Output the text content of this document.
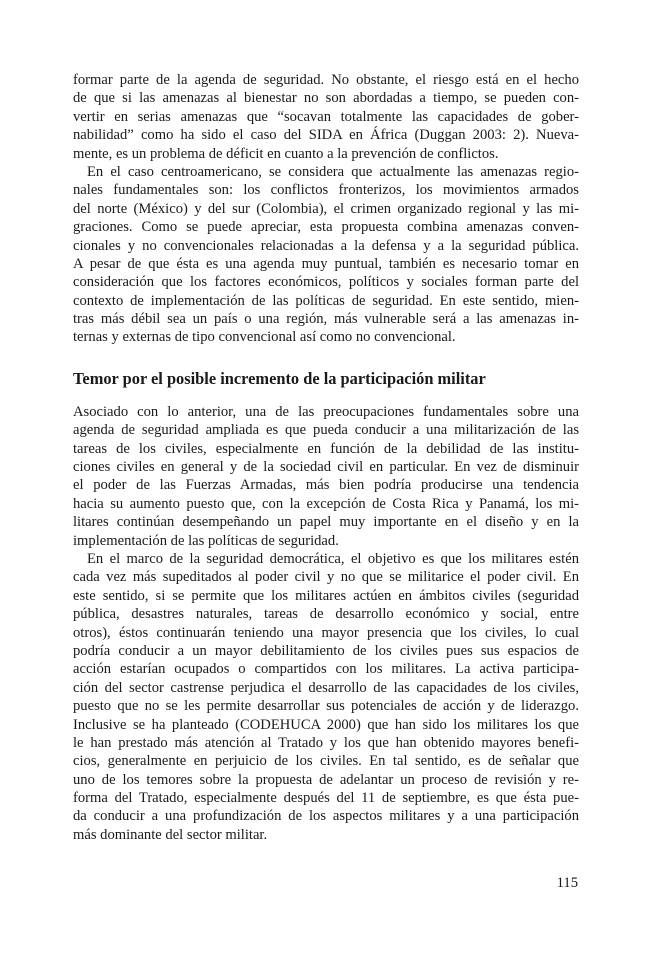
formar parte de la agenda de seguridad. No obstante, el riesgo está en el hecho
de que si las amenazas al bienestar no son abordadas a tiempo, se pueden con-
vertir en serias amenazas que “socavan totalmente las capacidades de gober-
nabilidad” como ha sido el caso del SIDA en África (Duggan 2003: 2). Nueva-
mente, es un problema de déficit en cuanto a la prevención de conflictos.
En el caso centroamericano, se considera que actualmente las amenazas regio-
nales fundamentales son: los conflictos fronterizos, los movimientos armados
del norte (México) y del sur (Colombia), el crimen organizado regional y las mi-
graciones. Como se puede apreciar, esta propuesta combina amenazas conven-
cionales y no convencionales relacionadas a la defensa y a la seguridad pública.
A pesar de que ésta es una agenda muy puntual, también es necesario tomar en
consideración que los factores económicos, políticos y sociales forman parte del
contexto de implementación de las políticas de seguridad. En este sentido, mien-
tras más débil sea un país o una región, más vulnerable será a las amenazas in-
ternas y externas de tipo convencional así como no convencional.
Temor por el posible incremento de la participación militar
Asociado con lo anterior, una de las preocupaciones fundamentales sobre una
agenda de seguridad ampliada es que pueda conducir a una militarización de las
tareas de los civiles, especialmente en función de la debilidad de las institu-
ciones civiles en general y de la sociedad civil en particular. En vez de disminuir
el poder de las Fuerzas Armadas, más bien podría producirse una tendencia
hacia su aumento puesto que, con la excepción de Costa Rica y Panamá, los mi-
litares continúan desempeñando un papel muy importante en el diseño y en la
implementación de las políticas de seguridad.
En el marco de la seguridad democrática, el objetivo es que los militares estén
cada vez más supeditados al poder civil y no que se militarice el poder civil. En
este sentido, si se permite que los militares actúen en ámbitos civiles (seguridad
pública, desastres naturales, tareas de desarrollo económico y social, entre
otros), éstos continuarán teniendo una mayor presencia que los civiles, lo cual
podría conducir a un mayor debilitamiento de los civiles pues sus espacios de
acción estarían ocupados o compartidos con los militares. La activa participa-
ción del sector castrense perjudica el desarrollo de las capacidades de los civiles,
puesto que no se les permite desarrollar sus potenciales de acción y de liderazgo.
Inclusive se ha planteado (CODEHUCA 2000) que han sido los militares los que
le han prestado más atención al Tratado y los que han obtenido mayores benefi-
cios, generalmente en perjuicio de los civiles. En tal sentido, es de señalar que
uno de los temores sobre la propuesta de adelantar un proceso de revisión y re-
forma del Tratado, especialmente después del 11 de septiembre, es que ésta pue-
da conducir a una profundización de los aspectos militares y a una participación
más dominante del sector militar.
115
